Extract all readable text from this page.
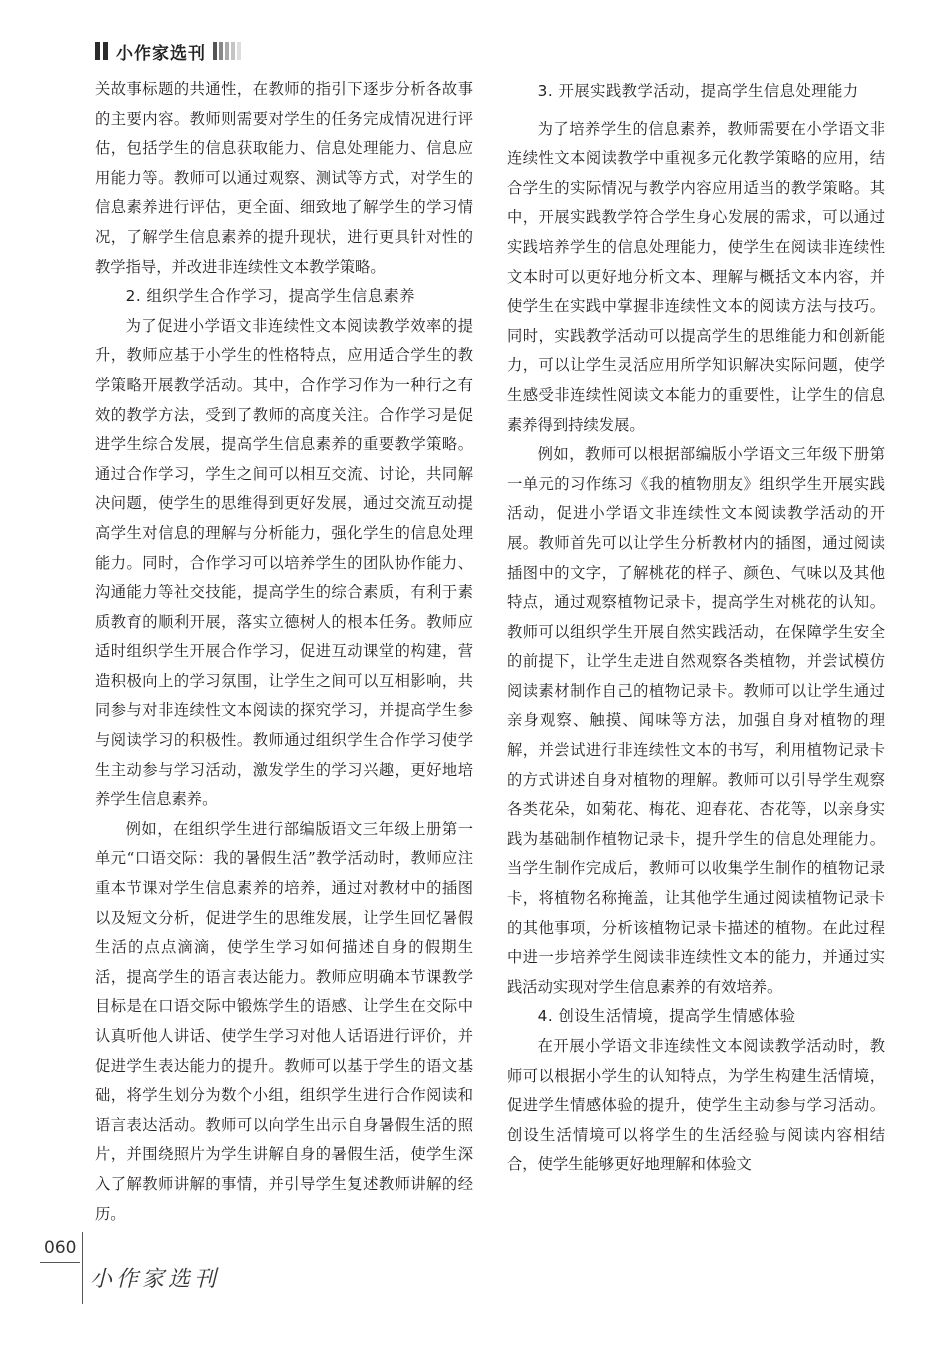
小作家选刊

关故事标题的共通性，在教师的指引下逐步分析各故事的主要内容。教师则需要对学生的任务完成情况进行评估，包括学生的信息获取能力、信息处理能力、信息应用能力等。教师可以通过观察、测试等方式，对学生的信息素养进行评估，更全面、细致地了解学生的学习情况，了解学生信息素养的提升现状，进行更具针对性的教学指导，并改进非连续性文本教学策略。

2. 组织学生合作学习，提高学生信息素养

为了促进小学语文非连续性文本阅读教学效率的提升，教师应基于小学生的性格特点，应用适合学生的教学策略开展教学活动。其中，合作学习作为一种行之有效的教学方法，受到了教师的高度关注。合作学习是促进学生综合发展，提高学生信息素养的重要教学策略。通过合作学习，学生之间可以相互交流、讨论，共同解决问题，使学生的思维得到更好发展，通过交流互动提高学生对信息的理解与分析能力，强化学生的信息处理能力。同时，合作学习可以培养学生的团队协作能力、沟通能力等社交技能，提高学生的综合素质，有利于素质教育的顺利开展，落实立德树人的根本任务。教师应适时组织学生开展合作学习，促进互动课堂的构建，营造积极向上的学习氛围，让学生之间可以互相影响，共同参与对非连续性文本阅读的探究学习，并提高学生参与阅读学习的积极性。教师通过组织学生合作学习使学生主动参与学习活动，激发学生的学习兴趣，更好地培养学生信息素养。

例如，在组织学生进行部编版语文三年级上册第一单元“口语交际：我的暑假生活”教学活动时，教师应注重本节课对学生信息素养的培养，通过对教材中的插图以及短文分析，促进学生的思维发展，让学生回忆暑假生活的点点滴滴，使学生学习如何描述自身的假期生活，提高学生的语言表达能力。教师应明确本节课教学目标是在口语交际中锻炼学生的语感、让学生在交际中认真听他人讲话、使学生学习对他人话语进行评价，并促进学生表达能力的提升。教师可以基于学生的语文基础，将学生划分为数个小组，组织学生进行合作阅读和语言表达活动。教师可以向学生出示自身暑假生活的照片，并围绕照片为学生讲解自身的暑假生活，使学生深入了解教师讲解的事情，并引导学生复述教师讲解的经历。

3. 开展实践教学活动，提高学生信息处理能力

为了培养学生的信息素养，教师需要在小学语文非连续性文本阅读教学中重视多元化教学策略的应用，结合学生的实际情况与教学内容应用适当的教学策略。其中，开展实践教学符合学生身心发展的需求，可以通过实践培养学生的信息处理能力，使学生在阅读非连续性文本时可以更好地分析文本、理解与概括文本内容，并使学生在实践中掌握非连续性文本的阅读方法与技巧。同时，实践教学活动可以提高学生的思维能力和创新能力，可以让学生灵活应用所学知识解决实际问题，使学生感受非连续性阅读文本能力的重要性，让学生的信息素养得到持续发展。

例如，教师可以根据部编版小学语文三年级下册第一单元的习作练习《我的植物朋友》组织学生开展实践活动，促进小学语文非连续性文本阅读教学活动的开展。教师首先可以让学生分析教材内的插图，通过阅读插图中的文字，了解桃花的样子、颜色、气味以及其他特点，通过观察植物记录卡，提高学生对桃花的认知。教师可以组织学生开展自然实践活动，在保障学生安全的前提下，让学生走进自然观察各类植物，并尝试模仿阅读素材制作自己的植物记录卡。教师可以让学生通过亲身观察、触摸、闻味等方法，加强自身对植物的理解，并尝试进行非连续性文本的书写，利用植物记录卡的方式讲述自身对植物的理解。教师可以引导学生观察各类花朵，如菊花、梅花、迎春花、杏花等，以亲身实践为基础制作植物记录卡，提升学生的信息处理能力。当学生制作完成后，教师可以收集学生制作的植物记录卡，将植物名称掩盖，让其他学生通过阅读植物记录卡的其他事项，分析该植物记录卡描述的植物。在此过程中进一步培养学生阅读非连续性文本的能力，并通过实践活动实现对学生信息素养的有效培养。

4. 创设生活情境，提高学生情感体验

在开展小学语文非连续性文本阅读教学活动时，教师可以根据小学生的认知特点，为学生构建生活情境，促进学生情感体验的提升，使学生主动参与学习活动。创设生活情境可以将学生的生活经验与阅读内容相结合，使学生能够更好地理解和体验文

060
小作家选刊
